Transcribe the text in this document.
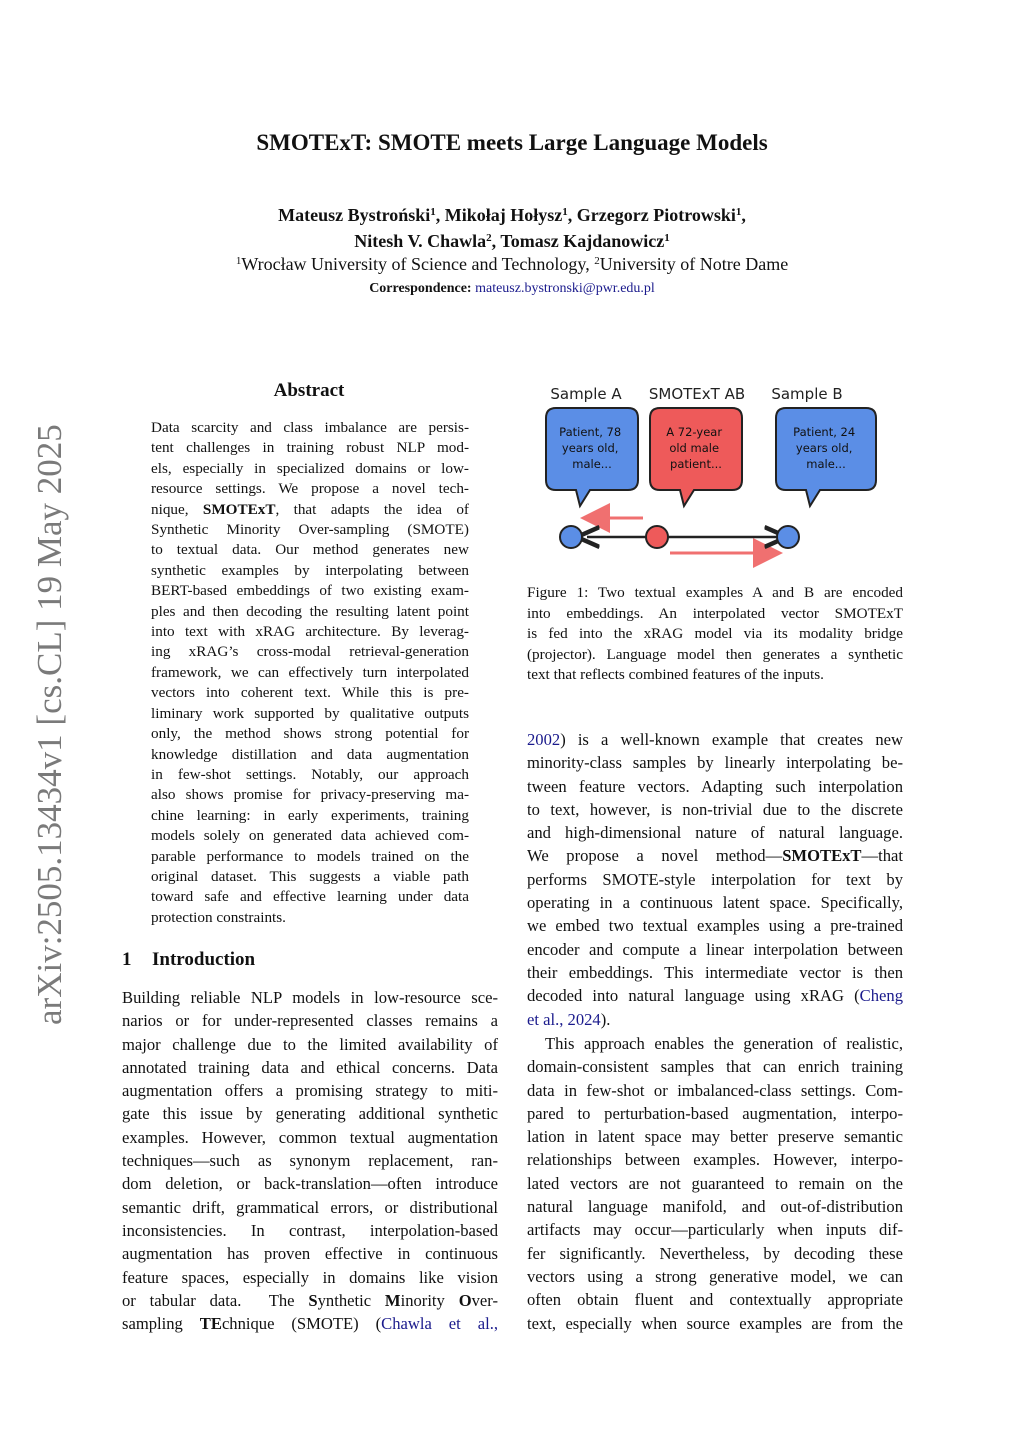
SMOTExT: SMOTE meets Large Language Models
Mateusz Bystroński$^1$, Mikołaj Hołysz$^1$, Grzegorz Piotrowski$^1$,
Nitesh V. Chawla$^2$, Tomasz Kajdanowicz$^1$
$^1$Wrocław University of Science and Technology, $^2$University of Notre Dame
Correspondence: mateusz.bystronski@pwr.edu.pl
arXiv:2505.13434v1 [cs.CL] 19 May 2025
Abstract
Data scarcity and class imbalance are persis-
tent challenges in training robust NLP mod-
els, especially in specialized domains or low-
resource settings. We propose a novel tech-
nique, SMOTExT, that adapts the idea of
Synthetic Minority Over-sampling (SMOTE)
to textual data. Our method generates new
synthetic examples by interpolating between
BERT-based embeddings of two existing exam-
ples and then decoding the resulting latent point
into text with xRAG architecture. By leverag-
ing xRAG’s cross-modal retrieval-generation
framework, we can effectively turn interpolated
vectors into coherent text. While this is pre-
liminary work supported by qualitative outputs
only, the method shows strong potential for
knowledge distillation and data augmentation
in few-shot settings. Notably, our approach
also shows promise for privacy-preserving ma-
chine learning: in early experiments, training
models solely on generated data achieved com-
parable performance to models trained on the
original dataset. This suggests a viable path
toward safe and effective learning under data
protection constraints.
1 Introduction
Building reliable NLP models in low-resource sce-
narios or for under-represented classes remains a
major challenge due to the limited availability of
annotated training data and ethical concerns. Data
augmentation offers a promising strategy to miti-
gate this issue by generating additional synthetic
examples. However, common textual augmentation
techniques—such as synonym replacement, ran-
dom deletion, or back-translation—often introduce
semantic drift, grammatical errors, or distributional
inconsistencies. In contrast, interpolation-based
augmentation has proven effective in continuous
feature spaces, especially in domains like vision
or tabular data.  The Synthetic Minority Over-
sampling TEchnique (SMOTE) (Chawla et al.,
Sample A SMOTExT AB Sample B
Patient, 78 years old, male...
A 72-year old male patient...
Patient, 24 years old, male...
Figure 1: Two textual examples A and B are encoded
into embeddings. An interpolated vector SMOTExT
is fed into the xRAG model via its modality bridge
(projector). Language model then generates a synthetic
text that reflects combined features of the inputs.
2002) is a well-known example that creates new
minority-class samples by linearly interpolating be-
tween feature vectors. Adapting such interpolation
to text, however, is non-trivial due to the discrete
and high-dimensional nature of natural language.
We propose a novel method—SMOTExT—that
performs SMOTE-style interpolation for text by
operating in a continuous latent space. Specifically,
we embed two textual examples using a pre-trained
encoder and compute a linear interpolation between
their embeddings. This intermediate vector is then
decoded into natural language using xRAG (Cheng
et al., 2024).
This approach enables the generation of realistic,
domain-consistent samples that can enrich training
data in few-shot or imbalanced-class settings. Com-
pared to perturbation-based augmentation, interpo-
lation in latent space may better preserve semantic
relationships between examples. However, interpo-
lated vectors are not guaranteed to remain on the
natural language manifold, and out-of-distribution
artifacts may occur—particularly when inputs dif-
fer significantly. Nevertheless, by decoding these
vectors using a strong generative model, we can
often obtain fluent and contextually appropriate
text, especially when source examples are from the
